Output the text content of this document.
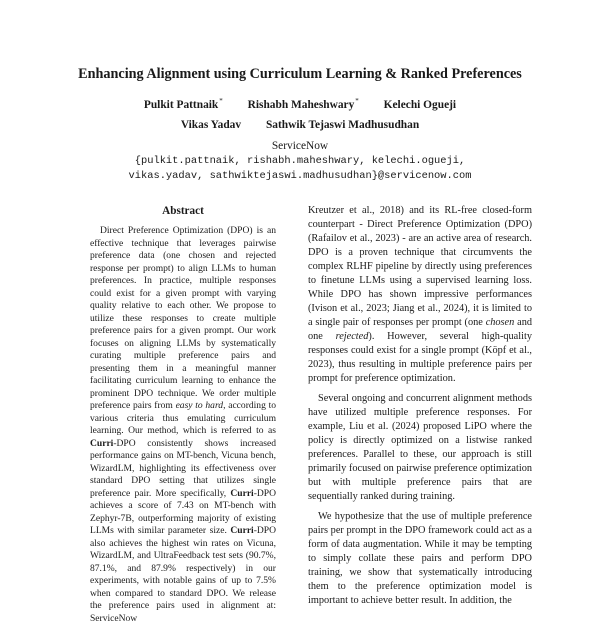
Enhancing Alignment using Curriculum Learning & Ranked Preferences
Pulkit Pattnaik* Rishabh Maheshwary* Kelechi Ogueji
Vikas Yadav Sathwik Tejaswi Madhusudhan
ServiceNow
{pulkit.pattnaik, rishabh.maheshwary, kelechi.ogueji,
vikas.yadav, sathwiktejaswi.madhusudhan}@servicenow.com
Abstract

Direct Preference Optimization (DPO) is an effective technique that leverages pairwise preference data (one chosen and rejected response per prompt) to align LLMs to human preferences. In practice, multiple responses could exist for a given prompt with varying quality relative to each other. We propose to utilize these responses to create multiple preference pairs for a given prompt. Our work focuses on aligning LLMs by systematically curating multiple preference pairs and presenting them in a meaningful manner facilitating curriculum learning to enhance the prominent DPO technique. We order multiple preference pairs from easy to hard, according to various criteria thus emulating curriculum learning. Our method, which is referred to as Curri-DPO consistently shows increased performance gains on MT-bench, Vicuna bench, WizardLM, highlighting its effectiveness over standard DPO setting that utilizes single preference pair. More specifically, Curri-DPO achieves a score of 7.43 on MT-bench with Zephyr-7B, outperforming majority of existing LLMs with similar parameter size. Curri-DPO also achieves the highest win rates on Vicuna, WizardLM, and UltraFeedback test sets (90.7%, 87.1%, and 87.9% respectively) in our experiments, with notable gains of up to 7.5% when compared to standard DPO. We release the preference pairs used in alignment at: ServiceNow

Kreutzer et al., 2018) and its RL-free closed-form counterpart - Direct Preference Optimization (DPO) (Rafailov et al., 2023) - are an active area of research. DPO is a proven technique that circumvents the complex RLHF pipeline by directly using preferences to finetune LLMs using a supervised learning loss. While DPO has shown impressive performances (Ivison et al., 2023; Jiang et al., 2024), it is limited to a single pair of responses per prompt (one chosen and one rejected). However, several high-quality responses could exist for a single prompt (Köpf et al., 2023), thus resulting in multiple preference pairs per prompt for preference optimization.

Several ongoing and concurrent alignment methods have utilized multiple preference responses. For example, Liu et al. (2024) proposed LiPO where the policy is directly optimized on a listwise ranked preferences. Parallel to these, our approach is still primarily focused on pairwise preference optimization but with multiple preference pairs that are sequentially ranked during training.

We hypothesize that the use of multiple preference pairs per prompt in the DPO framework could act as a form of data augmentation. While it may be tempting to simply collate these pairs and perform DPO training, we show that systematically introducing them to the preference optimization model is important to achieve better result. In addition, the
